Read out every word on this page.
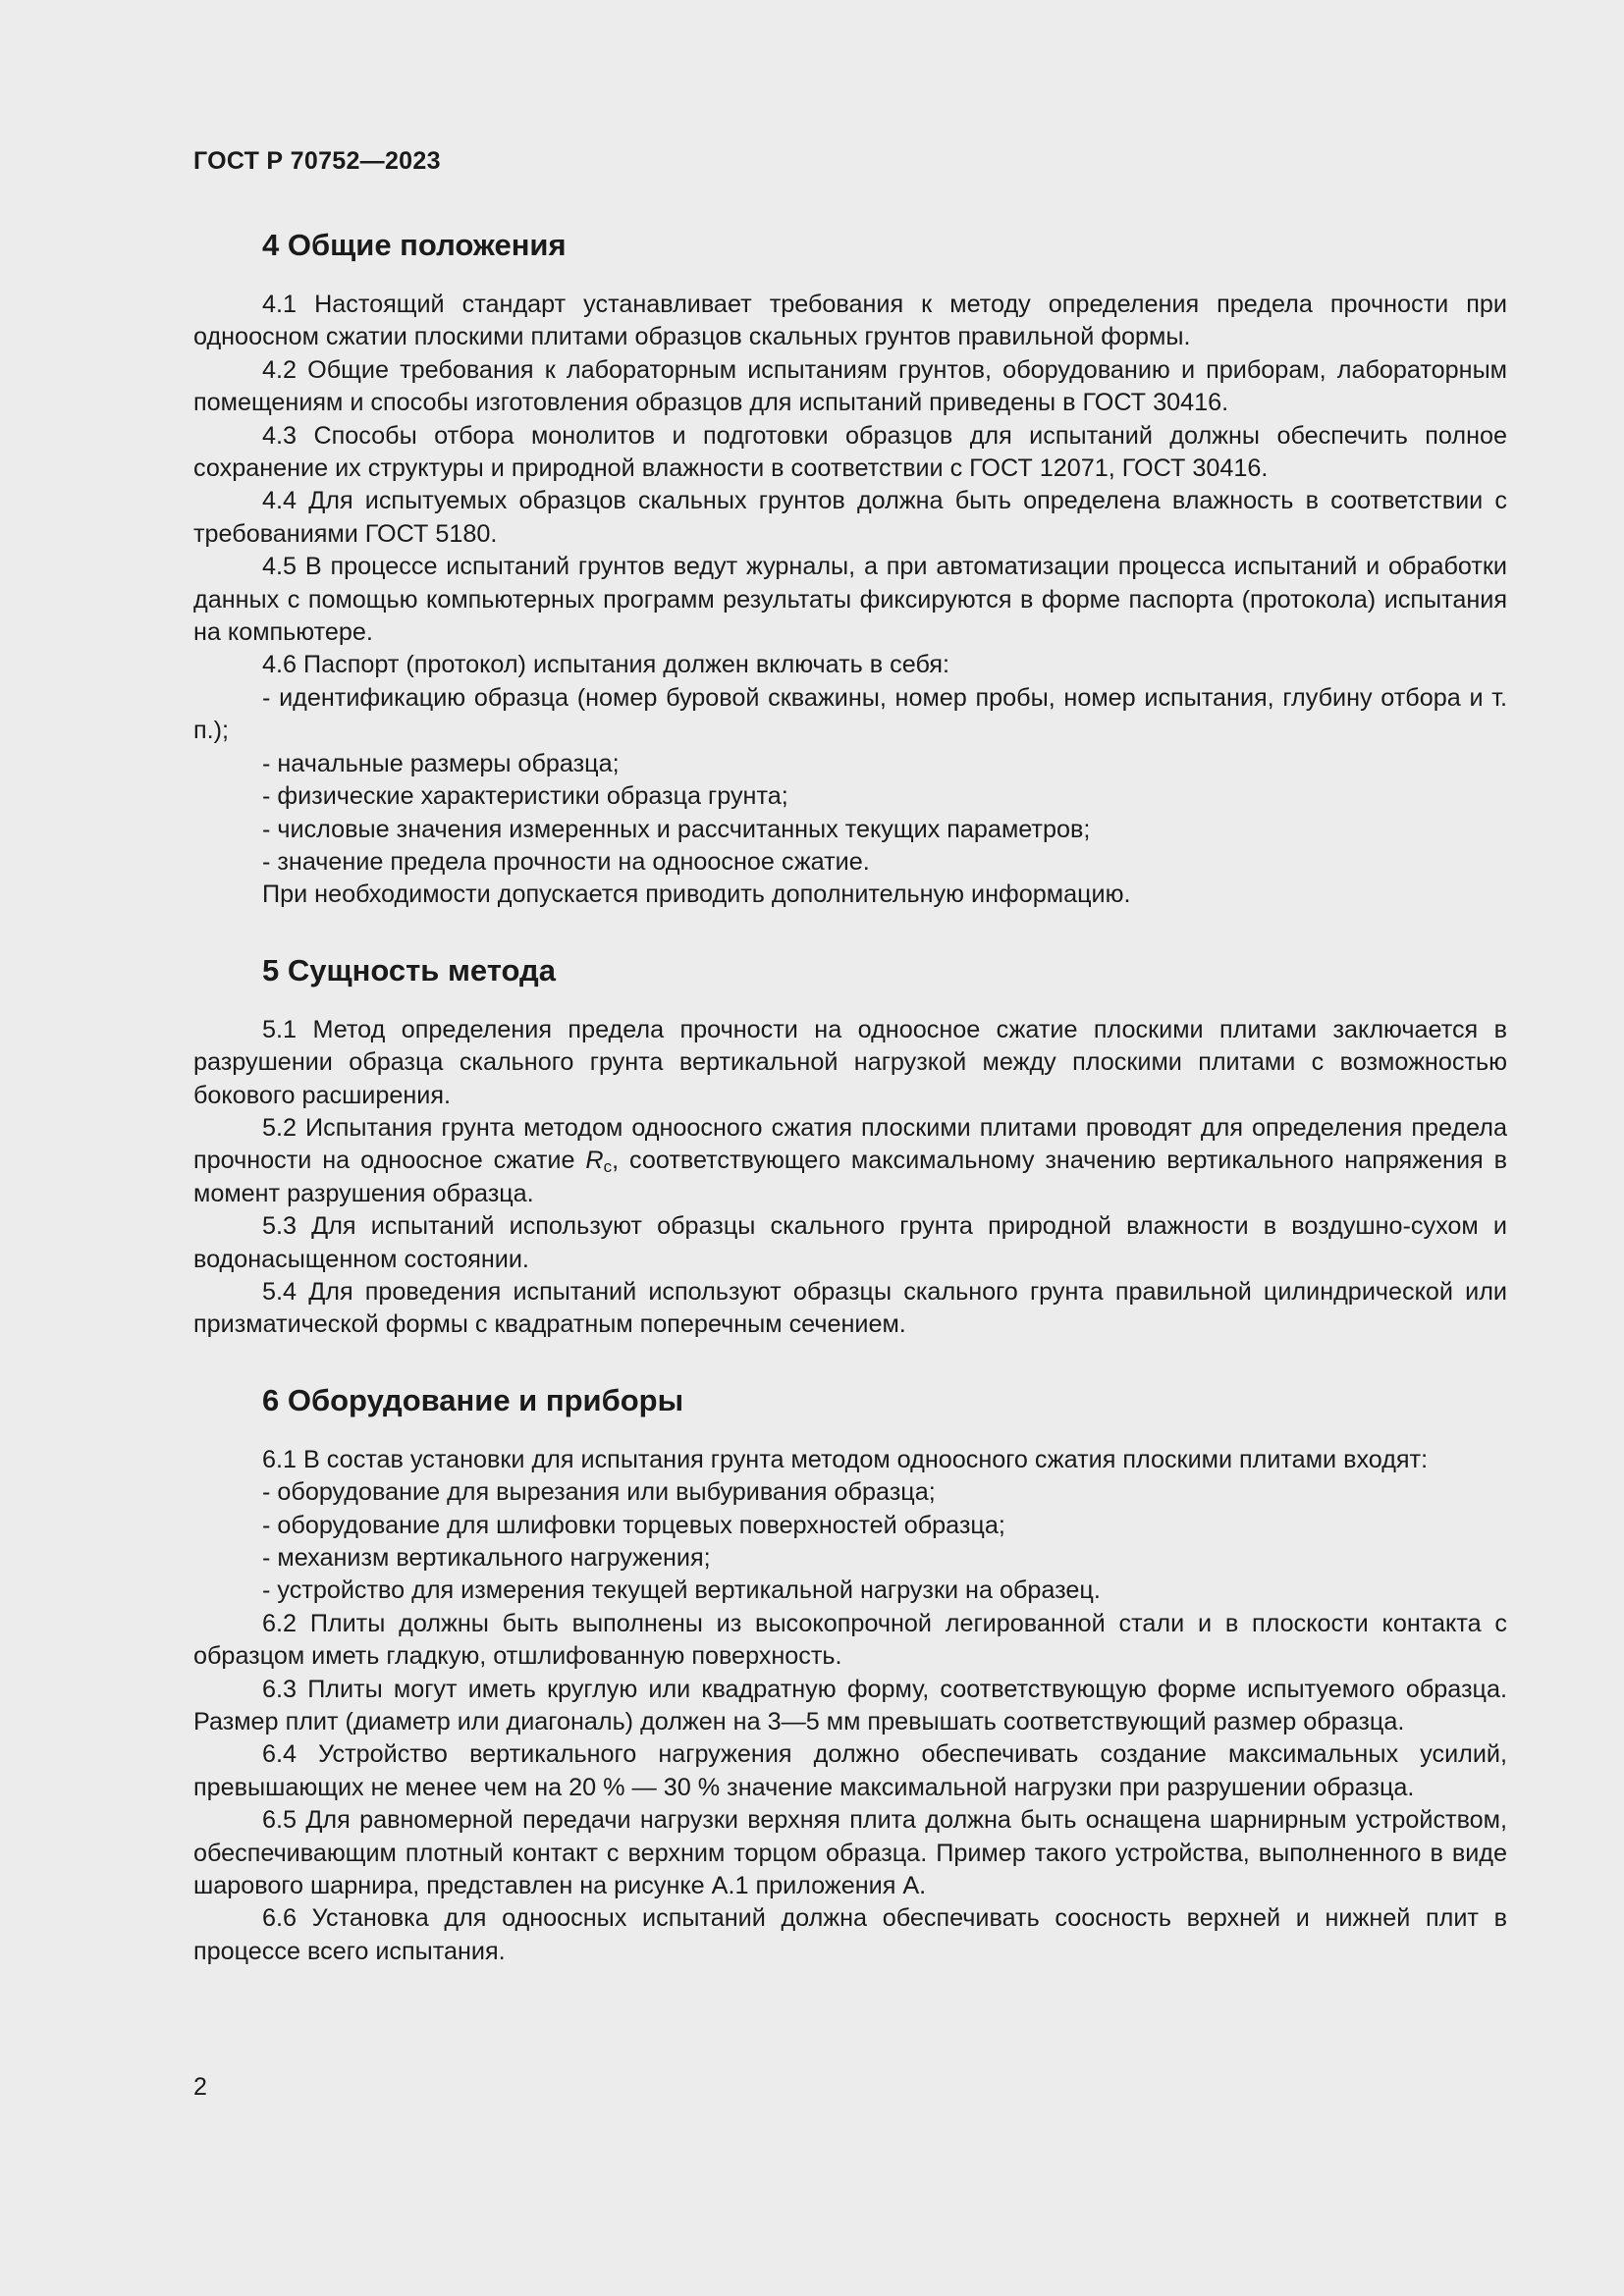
ГОСТ Р 70752—2023
4 Общие положения

4.1 Настоящий стандарт устанавливает требования к методу определения предела прочности при одноосном сжатии плоскими плитами образцов скальных грунтов правильной формы.

4.2 Общие требования к лабораторным испытаниям грунтов, оборудованию и приборам, лабораторным помещениям и способы изготовления образцов для испытаний приведены в ГОСТ 30416.

4.3 Способы отбора монолитов и подготовки образцов для испытаний должны обеспечить полное сохранение их структуры и природной влажности в соответствии с ГОСТ 12071, ГОСТ 30416.

4.4 Для испытуемых образцов скальных грунтов должна быть определена влажность в соответствии с требованиями ГОСТ 5180.

4.5 В процессе испытаний грунтов ведут журналы, а при автоматизации процесса испытаний и обработки данных с помощью компьютерных программ результаты фиксируются в форме паспорта (протокола) испытания на компьютере.

4.6 Паспорт (протокол) испытания должен включать в себя:

- идентификацию образца (номер буровой скважины, номер пробы, номер испытания, глубину отбора и т. п.);

- начальные размеры образца;

- физические характеристики образца грунта;

- числовые значения измеренных и рассчитанных текущих параметров;

- значение предела прочности на одноосное сжатие.

При необходимости допускается приводить дополнительную информацию.

5 Сущность метода

5.1 Метод определения предела прочности на одноосное сжатие плоскими плитами заключается в разрушении образца скального грунта вертикальной нагрузкой между плоскими плитами с возможностью бокового расширения.

5.2 Испытания грунта методом одноосного сжатия плоскими плитами проводят для определения предела прочности на одноосное сжатие $R_c$, соответствующего максимальному значению вертикального напряжения в момент разрушения образца.

5.3 Для испытаний используют образцы скального грунта природной влажности в воздушно-сухом и водонасыщенном состоянии.

5.4 Для проведения испытаний используют образцы скального грунта правильной цилиндрической или призматической формы с квадратным поперечным сечением.

6 Оборудование и приборы

6.1 В состав установки для испытания грунта методом одноосного сжатия плоскими плитами входят:

- оборудование для вырезания или выбуривания образца;

- оборудование для шлифовки торцевых поверхностей образца;

- механизм вертикального нагружения;

- устройство для измерения текущей вертикальной нагрузки на образец.

6.2 Плиты должны быть выполнены из высокопрочной легированной стали и в плоскости контакта с образцом иметь гладкую, отшлифованную поверхность.

6.3 Плиты могут иметь круглую или квадратную форму, соответствующую форме испытуемого образца. Размер плит (диаметр или диагональ) должен на 3—5 мм превышать соответствующий размер образца.

6.4 Устройство вертикального нагружения должно обеспечивать создание максимальных усилий, превышающих не менее чем на 20 % — 30 % значение максимальной нагрузки при разрушении образца.

6.5 Для равномерной передачи нагрузки верхняя плита должна быть оснащена шарнирным устройством, обеспечивающим плотный контакт с верхним торцом образца. Пример такого устройства, выполненного в виде шарового шарнира, представлен на рисунке А.1 приложения А.

6.6 Установка для одноосных испытаний должна обеспечивать соосность верхней и нижней плит в процессе всего испытания.

2
